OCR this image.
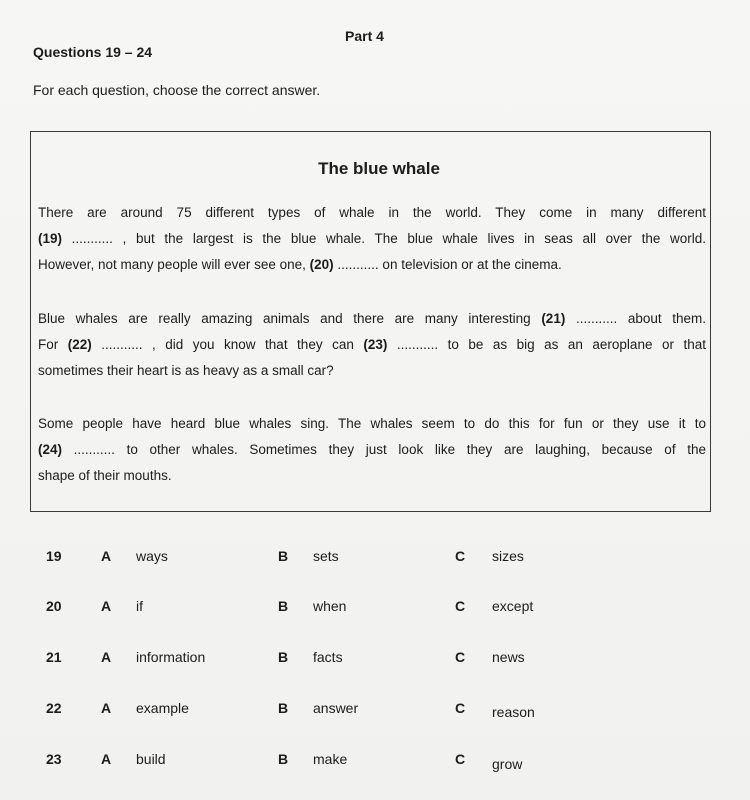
Part 4
Questions 19 – 24
For each question, choose the correct answer.
The blue whale
There are around 75 different types of whale in the world. They come in many different
(19) ........... , but the largest is the blue whale. The blue whale lives in seas all over the world.
However, not many people will ever see one, (20) ........... on television or at the cinema.
Blue whales are really amazing animals and there are many interesting (21) ........... about them.
For (22) ........... , did you know that they can (23) ........... to be as big as an aeroplane or that
sometimes their heart is as heavy as a small car?
Some people have heard blue whales sing. The whales seem to do this for fun or they use it to
(24) ........... to other whales. Sometimes they just look like they are laughing, because of the
shape of their mouths.
19	A ways	B sets	C sizes
20	A if	B when	C except
21	A information	B facts	C news
22	A example	B answer	C reason
23	A build	B make	C grow
